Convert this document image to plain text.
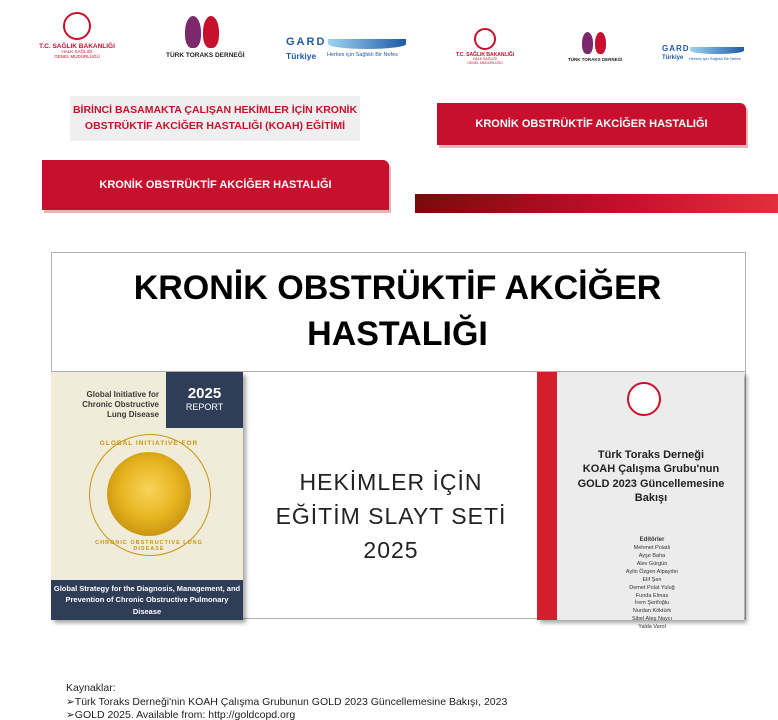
T.C. SAĞLIK BAKANLIĞI
HALK SAĞLIĞI
GENEL MÜDÜRLÜĞÜ	TÜRK TORAKS DERNEĞİ
GARD
Türkiye Herkes için Sağlıklı Bir Nefes	T.C. SAĞLIK BAKANLIĞI
HALK SAĞLIĞI
GENEL MÜDÜRLÜĞÜ
TÜRK TORAKS DERNEĞİ
GARD
Türkiye Herkes için Sağlıklı Bir Nefes
BİRİNCİ BASAMAKTA ÇALIŞAN HEKİMLER İÇİN KRONİK
OBSTRÜKTİF AKCİĞER HASTALIĞI (KOAH) EĞİTİMİ	KRONİK OBSTRÜKTİF AKCİĞER HASTALIĞI
KRONİK OBSTRÜKTİF AKCİĞER HASTALIĞI
KRONİK OBSTRÜKTİF AKCİĞER
HASTALIĞI
HEKİMLER İÇİN
EĞİTİM SLAYT SETİ
2025
Global Initiative for
Chronic Obstructive
Lung Disease
2025
REPORT
GLOBAL INITIATIVE FOR
CHRONIC OBSTRUCTIVE LUNG DISEASE
Global Strategy for the Diagnosis, Management, and
Prevention of Chronic Obstructive Pulmonary Disease
Türk Toraks Derneği
KOAH Çalışma Grubu'nun
GOLD 2023 Güncellemesine
Bakışı
Editörler
Mehmet Polatlı
Ayşe Baha
Alev Gürgün
Aylin Özgen Alpaydın
Elif Şen
Demet Polat Yuluğ
Funda Elmas
İrem Şerifoğlu
Nurdan Köktürk
Sibel Ateş Naycı
Yalda Varol
Kaynaklar:
➢Türk Toraks Derneği'nin KOAH Çalışma Grubunun GOLD 2023 Güncellemesine Bakışı, 2023
➢GOLD 2025. Available from: http://goldcopd.org
